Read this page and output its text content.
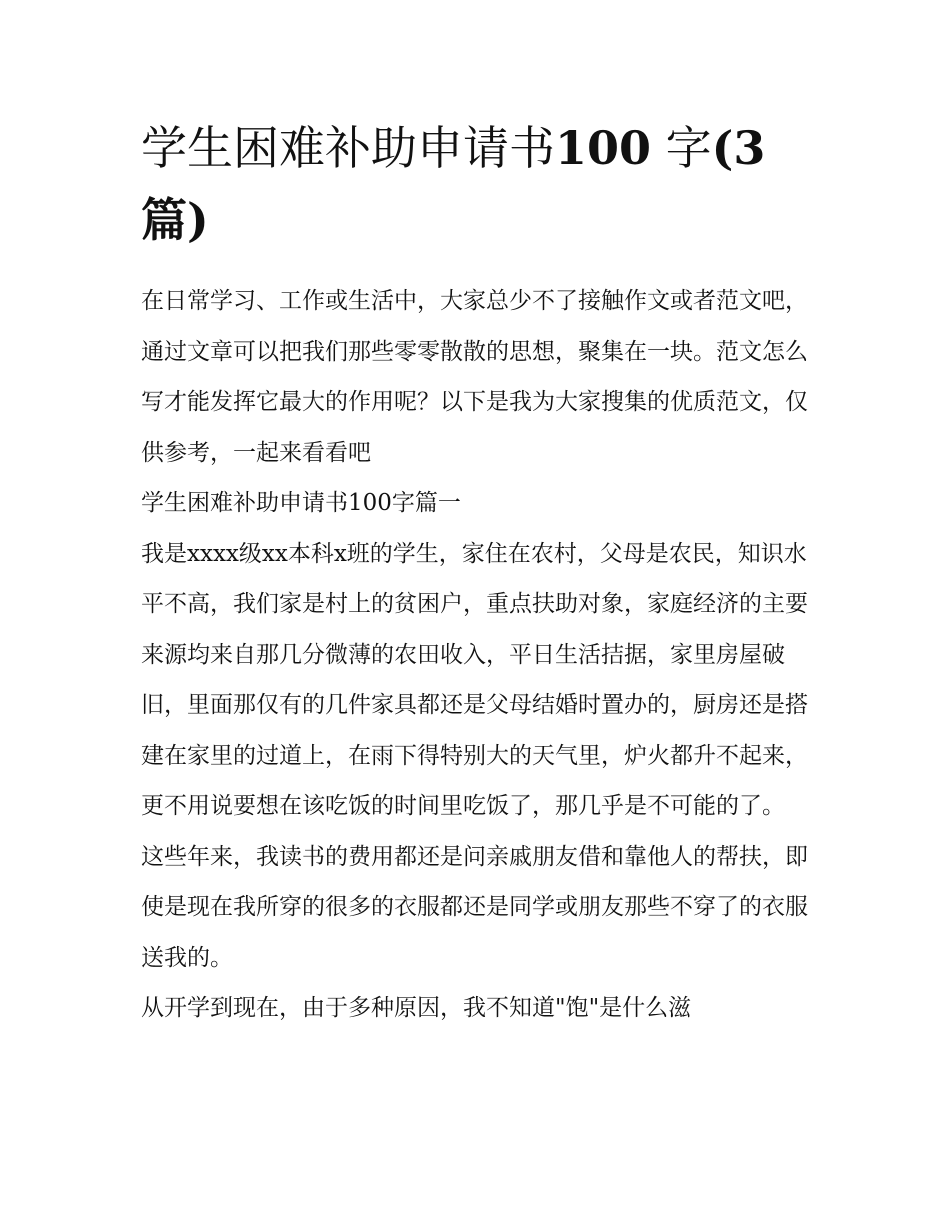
学生困难补助申请书100 字(3篇)

在日常学习、工作或生活中，大家总少不了接触作文或者范文吧，通过文章可以把我们那些零零散散的思想，聚集在一块。范文怎么写才能发挥它最大的作用呢？以下是我为大家搜集的优质范文，仅供参考，一起来看看吧

学生困难补助申请书100字篇一

我是xxxx级xx本科x班的学生，家住在农村，父母是农民，知识水平不高，我们家是村上的贫困户，重点扶助对象，家庭经济的主要来源均来自那几分微薄的农田收入，平日生活拮据，家里房屋破旧，里面那仅有的几件家具都还是父母结婚时置办的，厨房还是搭建在家里的过道上，在雨下得特别大的天气里，炉火都升不起来，更不用说要想在该吃饭的时间里吃饭了，那几乎是不可能的了。

这些年来，我读书的费用都还是问亲戚朋友借和靠他人的帮扶，即使是现在我所穿的很多的衣服都还是同学或朋友那些不穿了的衣服送我的。

从开学到现在，由于多种原因，我不知道"饱"是什么滋
